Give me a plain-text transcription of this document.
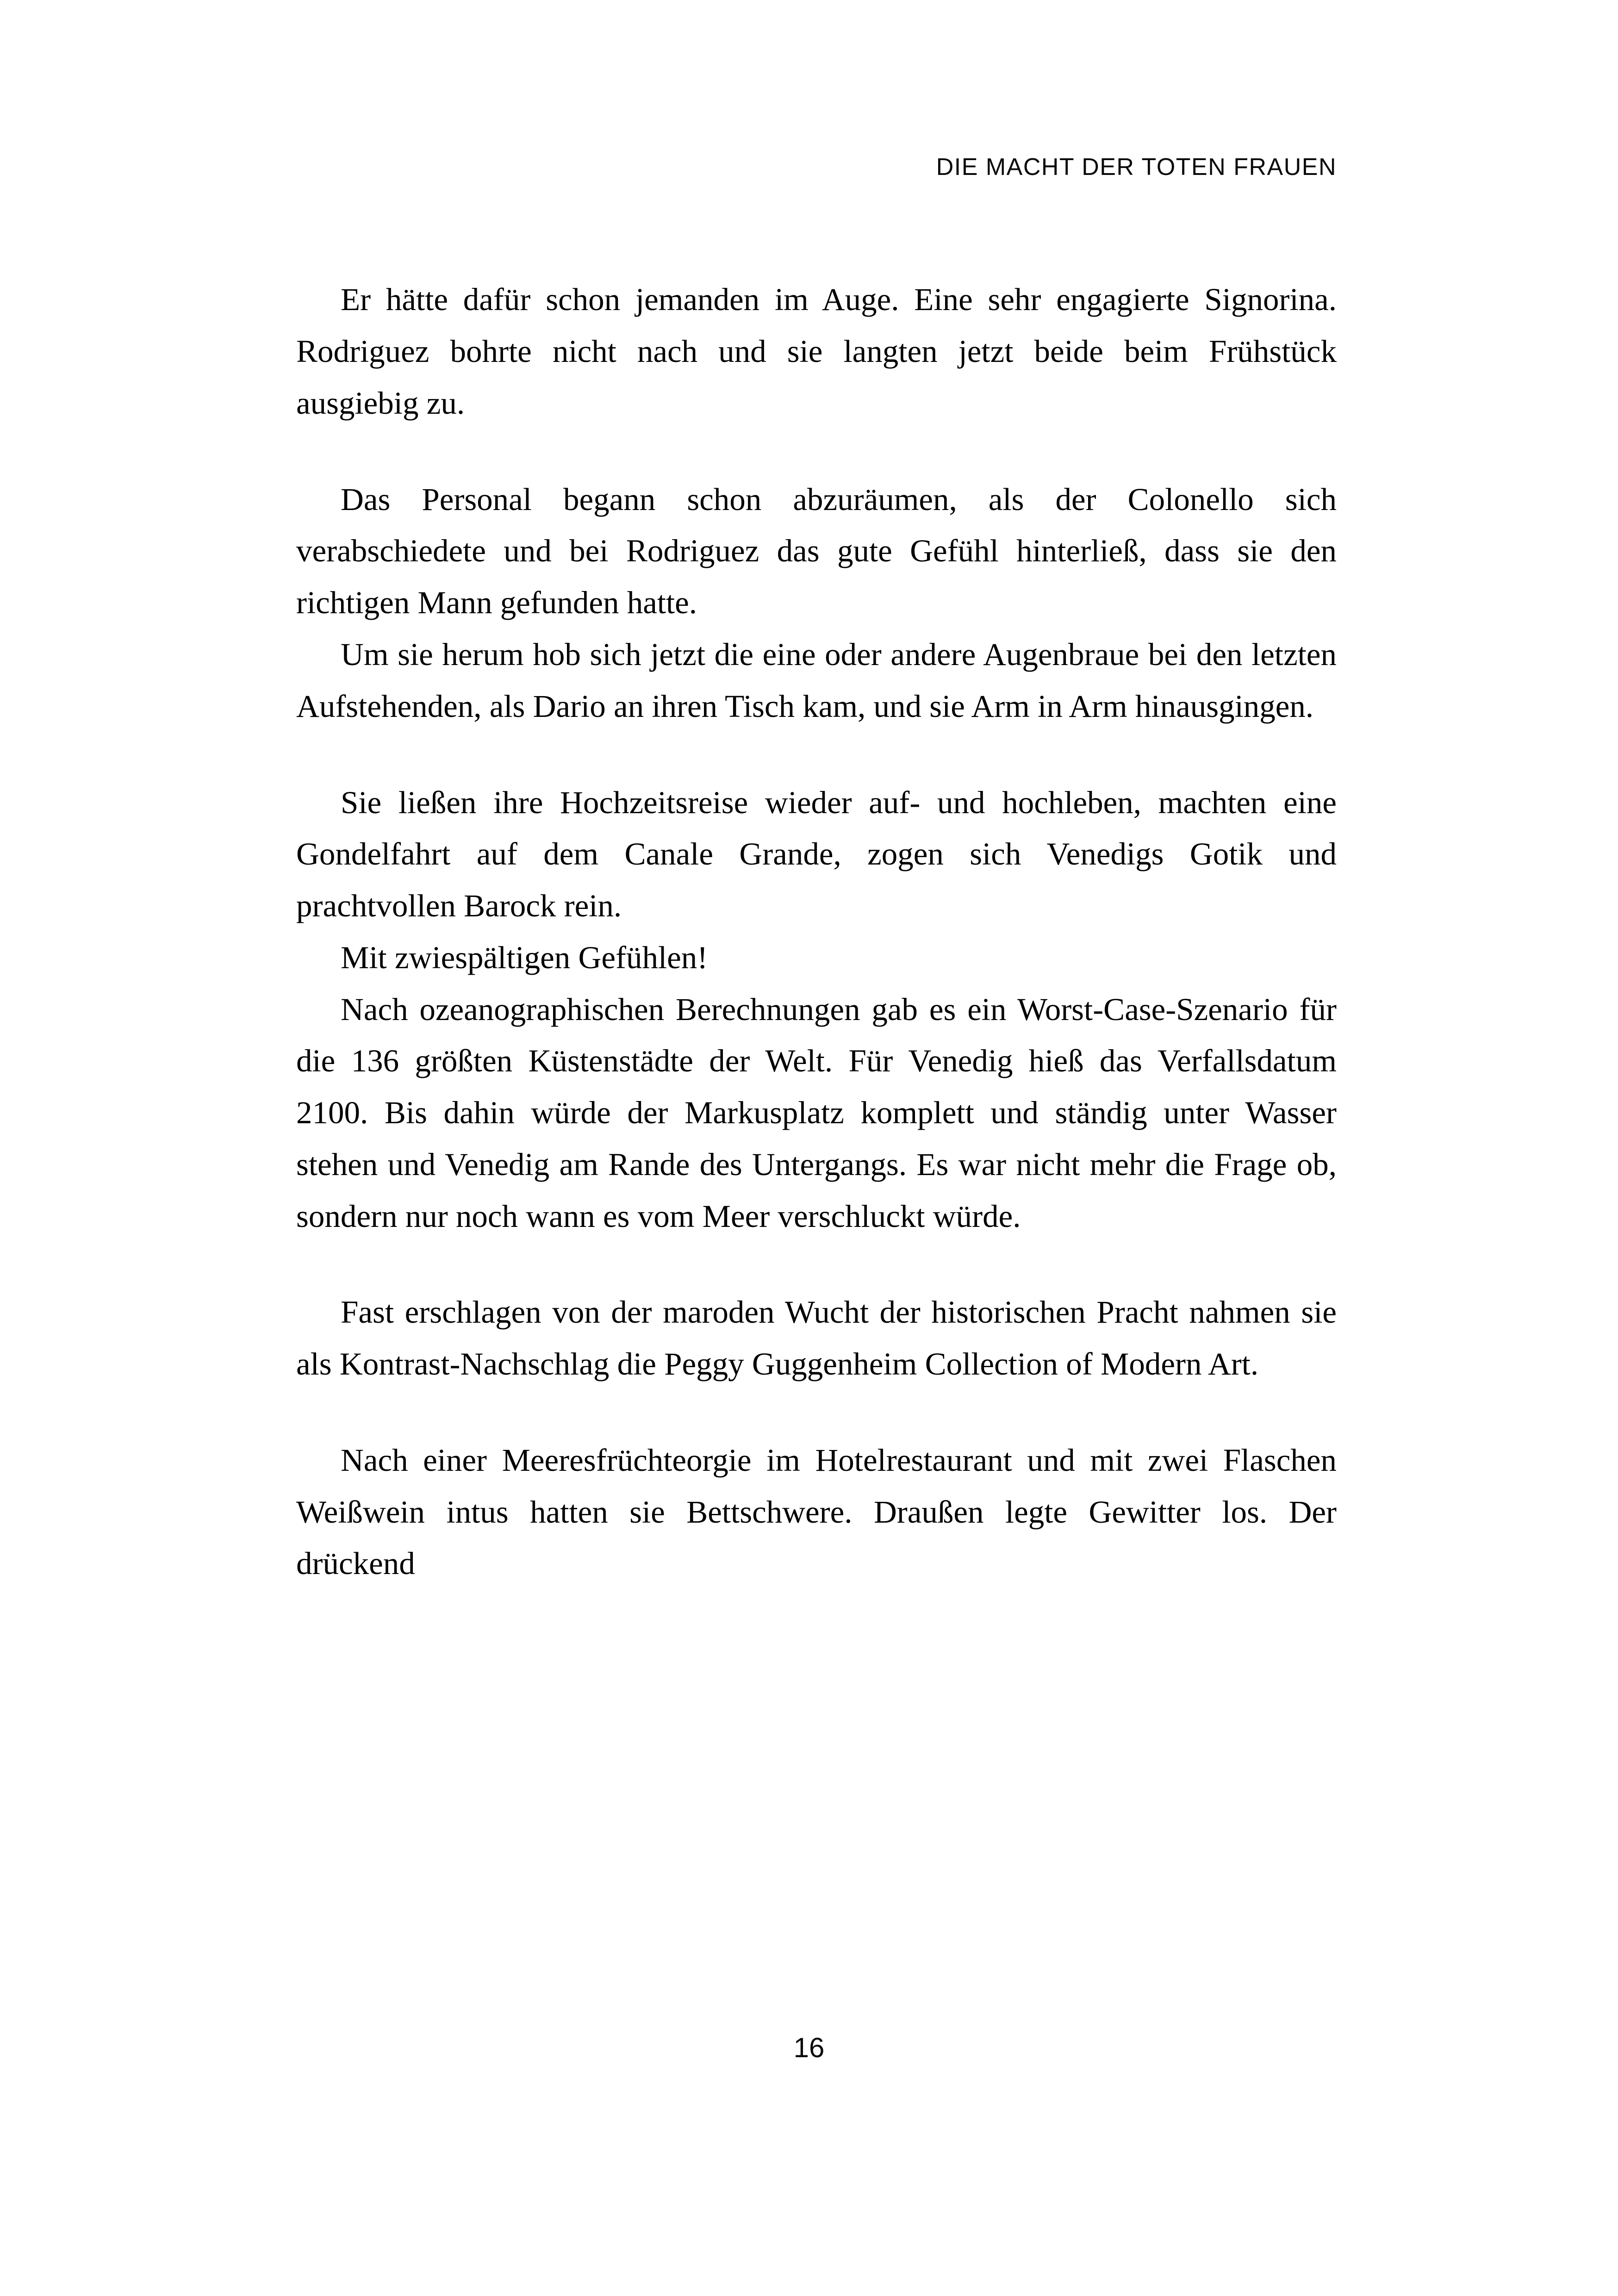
DIE MACHT DER TOTEN FRAUEN

Er hätte dafür schon jemanden im Auge. Eine sehr engagierte Signorina. Rodriguez bohrte nicht nach und sie langten jetzt beide beim Frühstück ausgiebig zu.

Das Personal begann schon abzuräumen, als der Colonello sich verabschiedete und bei Rodriguez das gute Gefühl hinterließ, dass sie den richtigen Mann gefunden hatte.

Um sie herum hob sich jetzt die eine oder andere Augenbraue bei den letzten Aufstehenden, als Dario an ihren Tisch kam, und sie Arm in Arm hinausgingen.

Sie ließen ihre Hochzeitsreise wieder auf- und hochleben, machten eine Gondelfahrt auf dem Canale Grande, zogen sich Venedigs Gotik und prachtvollen Barock rein.

Mit zwiespältigen Gefühlen!

Nach ozeanographischen Berechnungen gab es ein Worst-Case-Szenario für die 136 größten Küstenstädte der Welt. Für Venedig hieß das Verfallsdatum 2100. Bis dahin würde der Markusplatz komplett und ständig unter Wasser stehen und Venedig am Rande des Untergangs. Es war nicht mehr die Frage ob, sondern nur noch wann es vom Meer verschluckt würde.

Fast erschlagen von der maroden Wucht der historischen Pracht nahmen sie als Kontrast-Nachschlag die Peggy Guggenheim Collection of Modern Art.

Nach einer Meeresfrüchteorgie im Hotelrestaurant und mit zwei Flaschen Weißwein intus hatten sie Bettschwere. Draußen legte Gewitter los. Der drückend

16
